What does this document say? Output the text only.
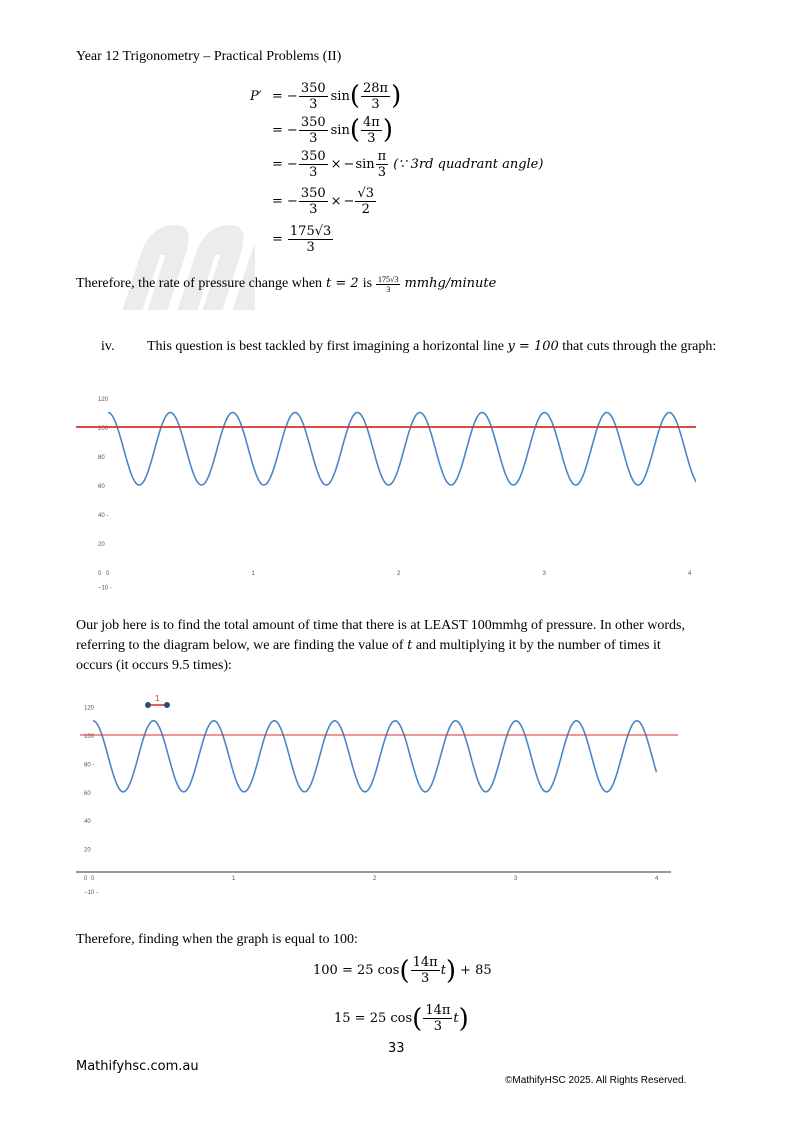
Year 12 Trigonometry – Practical Problems (II)
P′ = − $\frac{350}{3}$ sin ( $\frac{28\pi}{3}$ )
= − $\frac{350}{3}$ sin ( $\frac{4\pi}{3}$ )
= − $\frac{350}{3}$ × − $\sin \frac{\pi}{3}$ (∵ 3rd quadrant angle)
= − $\frac{350}{3}$ × − $\frac{√3}{2}$
= $\frac{175√3}{3}$
Therefore, the rate of pressure change when t = 2 is $\frac{175√3}{3}$ mmhg/minute
iv. This question is best tackled by first imagining a horizontal line y = 100 that cuts through the graph:
120
100
80
60
40 -
20
0
−10 -
1	2	3	4
0
Our job here is to find the total amount of time that there is at LEAST 100mmhg of pressure. In other words,
referring to the diagram below, we are finding the value of t and multiplying it by the number of times it
occurs (it occurs 9.5 times):
120
100
80 -
60
40
20
0
−10 -
1	2	3	4
0
1
Therefore, finding when the graph is equal to 100:
100 = 25 cos ( $\frac{14\pi}{3}$ t ) + 85
15 = 25 cos ( $\frac{14\pi}{3}$ t )
33
Mathifyhsc.com.au
©MathifyHSC 2025. All Rights Reserved.
